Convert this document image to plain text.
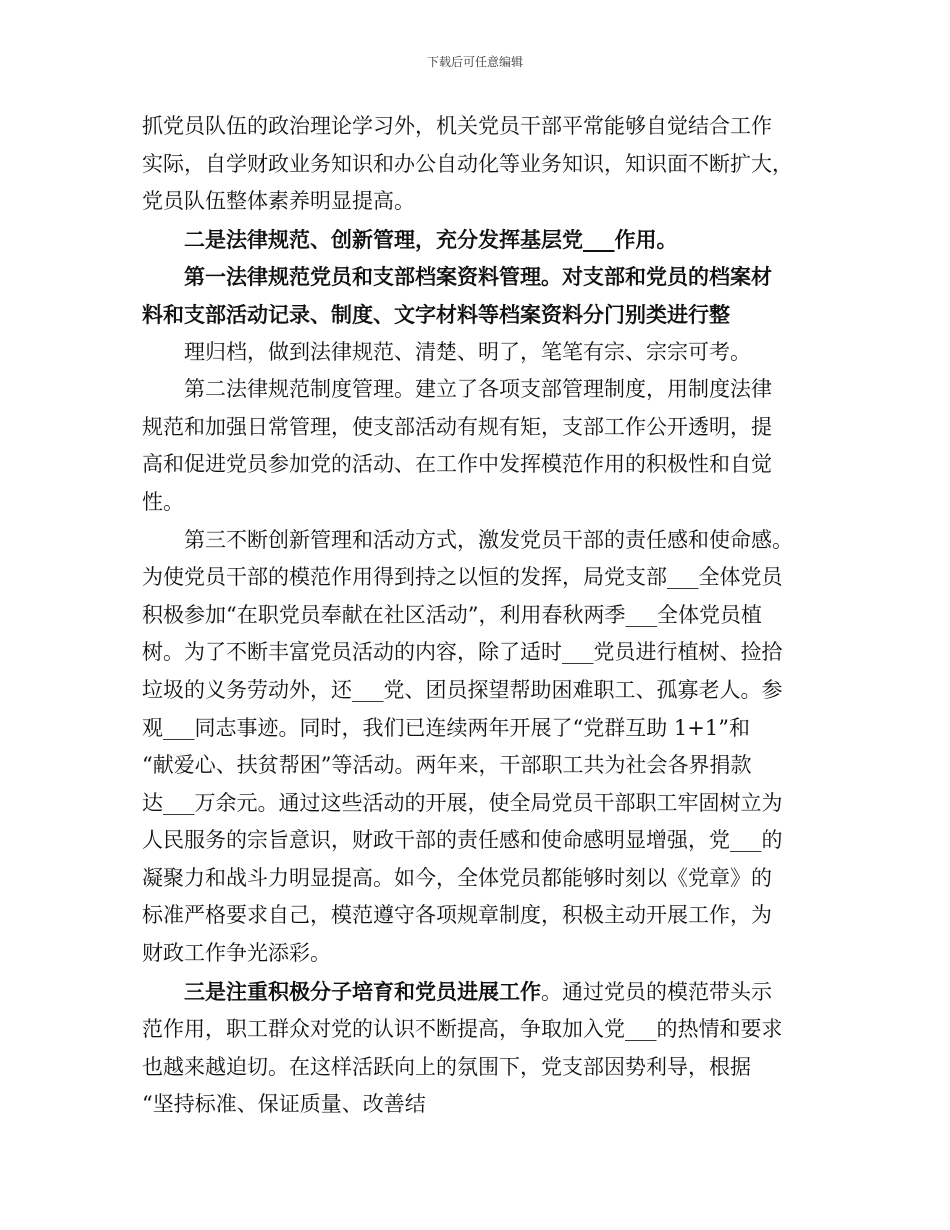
下载后可任意编辑
抓党员队伍的政治理论学习外，机关党员干部平常能够自觉结合工作
实际，自学财政业务知识和办公自动化等业务知识，知识面不断扩大，
党员队伍整体素养明显提高。
二是法律规范、创新管理，充分发挥基层党___作用。
第一法律规范党员和支部档案资料管理。对支部和党员的档案材
料和支部活动记录、制度、文字材料等档案资料分门别类进行整
理归档，做到法律规范、清楚、明了，笔笔有宗、宗宗可考。
第二法律规范制度管理。建立了各项支部管理制度，用制度法律
规范和加强日常管理，使支部活动有规有矩，支部工作公开透明，提
高和促进党员参加党的活动、在工作中发挥模范作用的积极性和自觉
性。
第三不断创新管理和活动方式，激发党员干部的责任感和使命感。
为使党员干部的模范作用得到持之以恒的发挥，局党支部___全体党员
积极参加“在职党员奉献在社区活动”，利用春秋两季___全体党员植
树。为了不断丰富党员活动的内容，除了适时___党员进行植树、捡拾
垃圾的义务劳动外，还___党、团员探望帮助困难职工、孤寡老人。参
观___同志事迹。同时，我们已连续两年开展了“党群互助 1+1”和
“献爱心、扶贫帮困”等活动。两年来，干部职工共为社会各界捐款
达___万余元。通过这些活动的开展，使全局党员干部职工牢固树立为
人民服务的宗旨意识，财政干部的责任感和使命感明显增强，党___的
凝聚力和战斗力明显提高。如今，全体党员都能够时刻以《党章》的
标准严格要求自己，模范遵守各项规章制度，积极主动开展工作，为
财政工作争光添彩。
三是注重积极分子培育和党员进展工作。通过党员的模范带头示
范作用，职工群众对党的认识不断提高，争取加入党___的热情和要求
也越来越迫切。在这样活跃向上的氛围下，党支部因势利导，根据
“坚持标准、保证质量、改善结
